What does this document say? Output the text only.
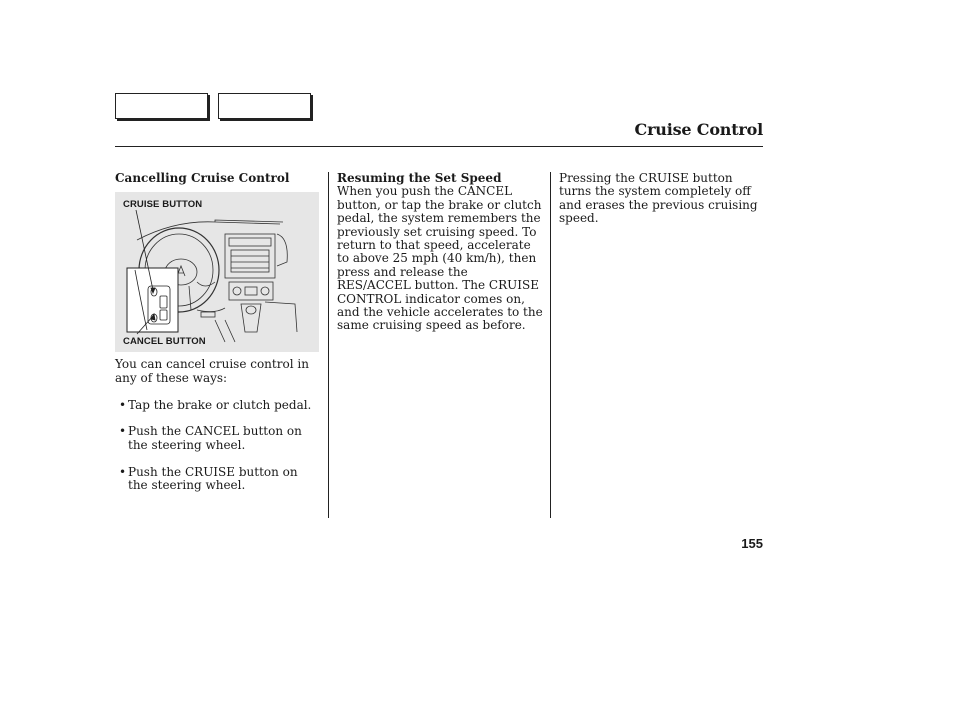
Cruise Control
Cancelling Cruise Control
CRUISE BUTTON
CANCEL BUTTON

You can cancel cruise control in any of these ways:

• Tap the brake or clutch pedal.
• Push the CANCEL button on the steering wheel.
• Push the CRUISE button on the steering wheel.
Resuming the Set Speed

When you push the CANCEL button, or tap the brake or clutch pedal, the system remembers the previously set cruising speed. To return to that speed, accelerate to above 25 mph (40 km/h), then press and release the RES/ACCEL button. The CRUISE CONTROL indicator comes on, and the vehicle accelerates to the same cruising speed as before.

Pressing the CRUISE button turns the system completely off and erases the previous cruising speed.

155
